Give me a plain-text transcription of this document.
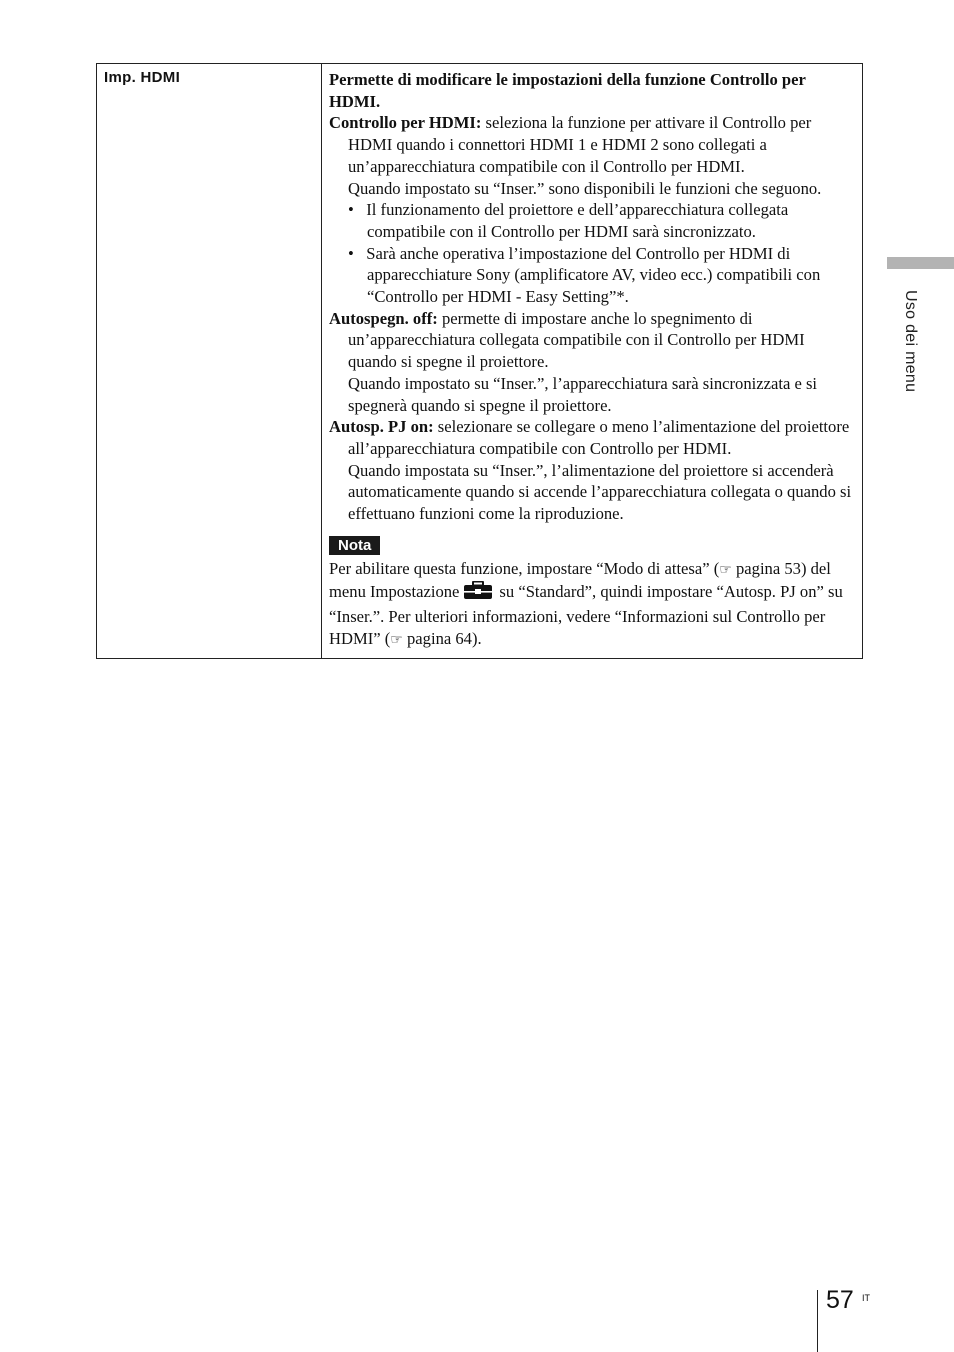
Imp. HDMI	Permette di modificare le impostazioni della funzione Controllo per HDMI.

Controllo per HDMI: seleziona la funzione per attivare il Controllo per HDMI quando i connettori HDMI 1 e HDMI 2 sono collegati a un’apparecchiatura compatibile con il Controllo per HDMI.

Quando impostato su “Inser.” sono disponibili le funzioni che seguono.

•   Il funzionamento del proiettore e dell’apparecchiatura collegata compatibile con il Controllo per HDMI sarà sincronizzato.

•   Sarà anche operativa l’impostazione del Controllo per HDMI di apparecchiature Sony (amplificatore AV, video ecc.) compatibili con “Controllo per HDMI - Easy Setting”*.

Autospegn. off: permette di impostare anche lo spegnimento di un’apparecchiatura collegata compatibile con il Controllo per HDMI quando si spegne il proiettore.

Quando impostato su “Inser.”, l’apparecchiatura sarà sincronizzata e si spegnerà quando si spegne il proiettore.

Autosp. PJ on: selezionare se collegare o meno l’alimentazione del proiettore all’apparecchiatura compatibile con Controllo per HDMI.

Quando impostata su “Inser.”, l’alimentazione del proiettore si accenderà automaticamente quando si accende l’apparecchiatura collegata o quando si effettuano funzioni come la riproduzione.

Nota

Per abilitare questa funzione, impostare “Modo di attesa” (☞ pagina 53) del menu Impostazione su “Standard”, quindi impostare “Autosp. PJ on” su “Inser.”. Per ulteriori informazioni, vedere “Informazioni sul Controllo per HDMI” (☞ pagina 64).

Uso dei menu
57 IT
